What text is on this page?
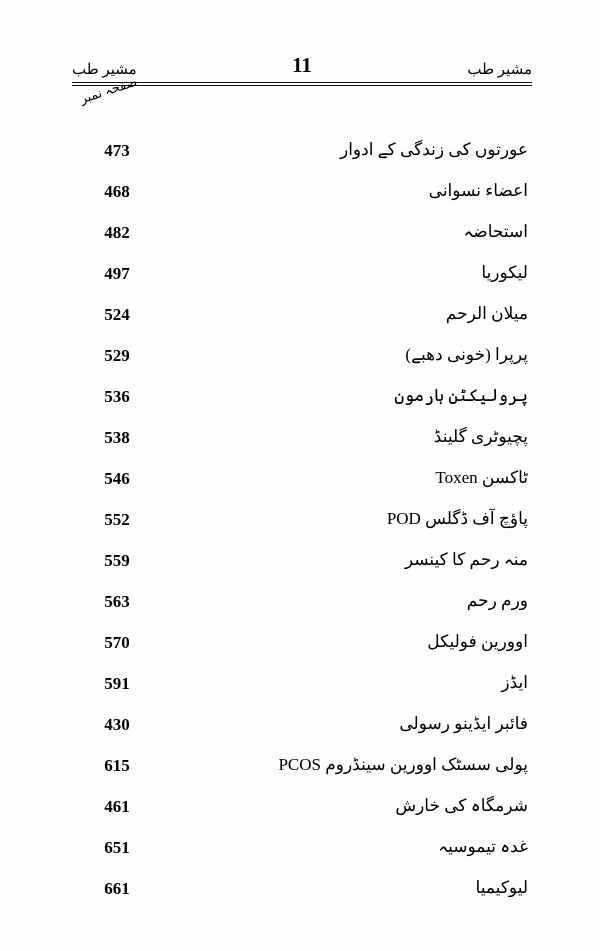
مشیر طب	11	مشیر طب
صفحہ نمبر
473	عورتوں کی زندگی کے ادوار
468	اعضاء نسوانی
482	استحاضہ
497	لیکوریا
524	میلان الرحم
529	پرپرا (خونی دھبے)
536	پرولیکٹن ہارمون
538	پچیوٹری گلینڈ
546	ٹاکسن Toxen
552	پاؤچ آف ڈگلس POD
559	منہ رحم کا کینسر
563	ورم رحم
570	اوورین فولیکل
591	ایڈز
430	فائبر ایڈینو رسولی
615	پولی سسٹک اوورین سینڈروم PCOS
461	شرمگاہ کی خارش
651	غدہ تیموسیہ
661	لیوکیمیا
